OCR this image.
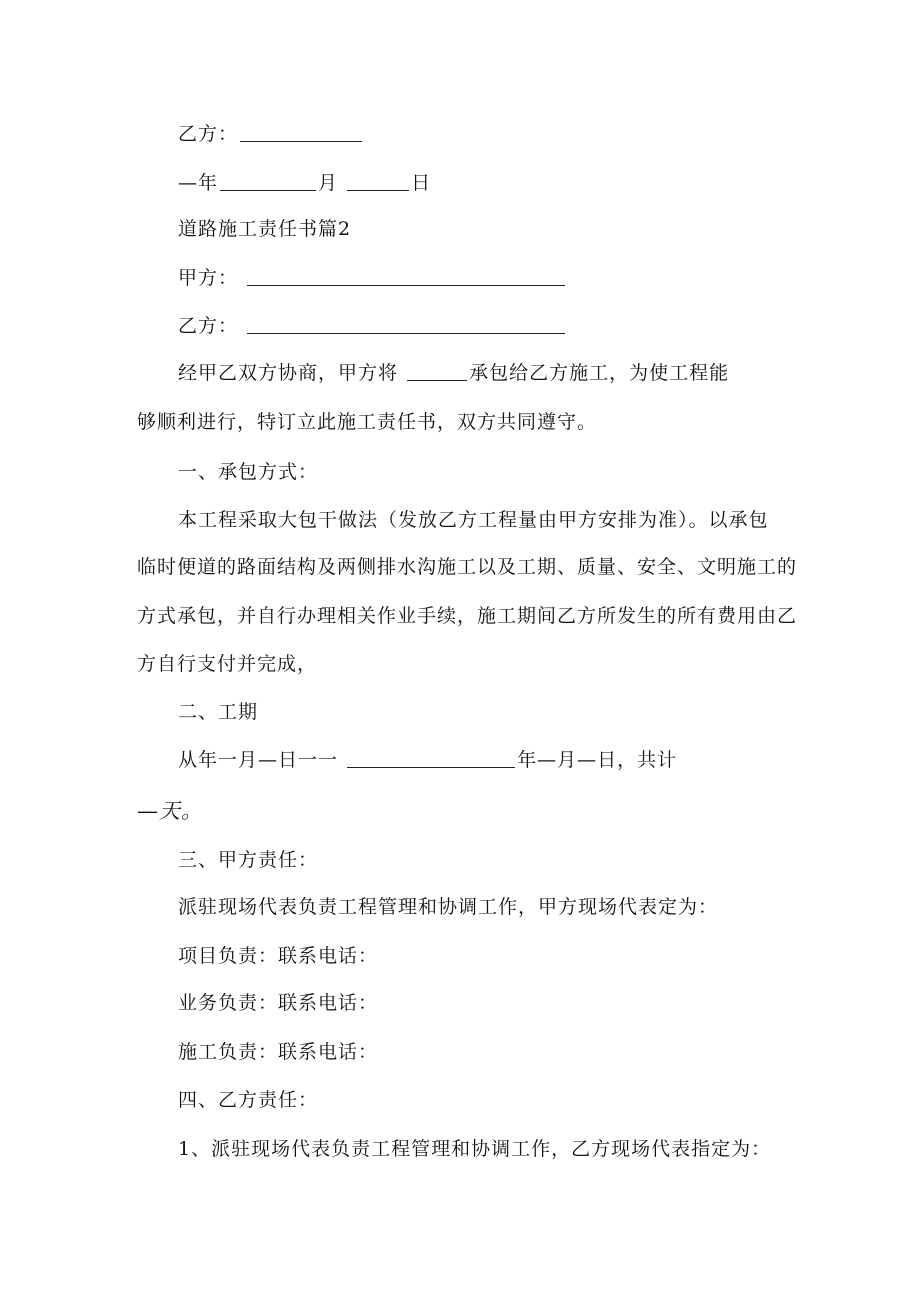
乙方：
—年	月	日
道路施工责任书篇2
甲方：
乙方：
经甲乙双方协商，甲方将	承包给乙方施工，为使工程能
够顺利进行，特订立此施工责任书，双方共同遵守。
一、承包方式：
本工程采取大包干做法（发放乙方工程量由甲方安排为准）。以承包
临时便道的路面结构及两侧排水沟施工以及工期、质量、安全、文明施工的
方式承包，并自行办理相关作业手续，施工期间乙方所发生的所有费用由乙
方自行支付并完成，
二、工期
从年一月—日一一	年—月—日，共计
—天。
三、甲方责任：
派驻现场代表负责工程管理和协调工作，甲方现场代表定为：
项目负责：联系电话：
业务负责：联系电话：
施工负责：联系电话：
四、乙方责任：
1、派驻现场代表负责工程管理和协调工作，乙方现场代表指定为：
